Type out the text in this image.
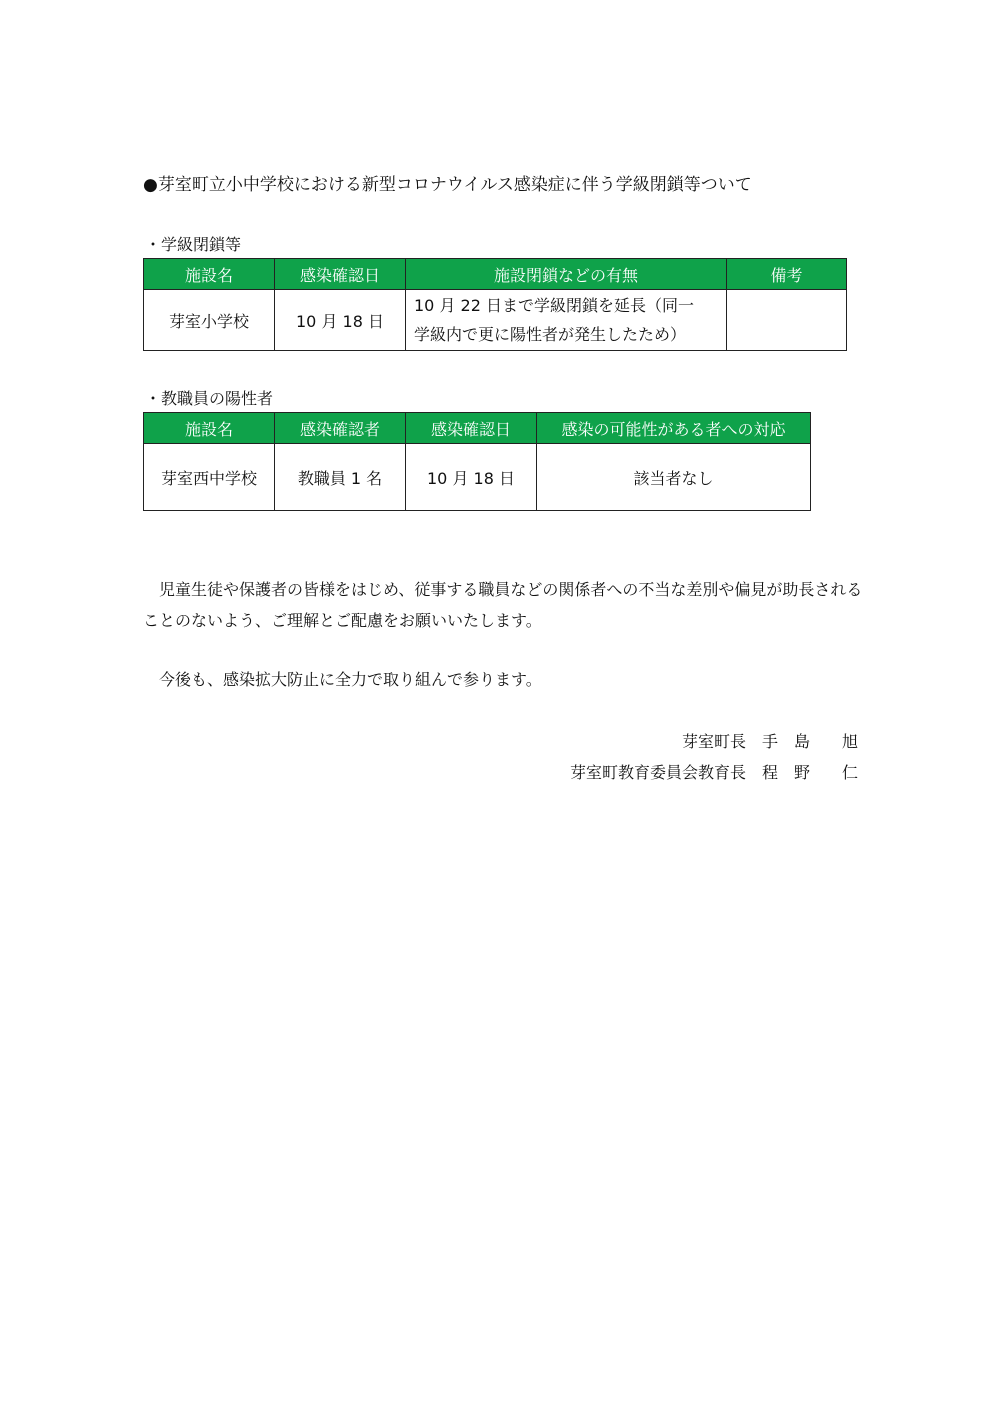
●芽室町立小中学校における新型コロナウイルス感染症に伴う学級閉鎖等ついて
・学級閉鎖等
施設名	感染確認日	施設閉鎖などの有無	備考
芽室小学校	10 月 18 日	10 月 22 日まで学級閉鎖を延長（同一
学級内で更に陽性者が発生したため）	

・教職員の陽性者
施設名	感染確認者	感染確認日	感染の可能性がある者への対応
芽室西中学校	教職員 1 名	10 月 18 日	該当者なし
　児童生徒や保護者の皆様をはじめ、従事する職員などの関係者への不当な差別や偏見が助長されることのないよう、ご理解とご配慮をお願いいたします。
　今後も、感染拡大防止に全力で取り組んで参ります。
芽室町長　手　島　　旭
芽室町教育委員会教育長　程　野　　仁
